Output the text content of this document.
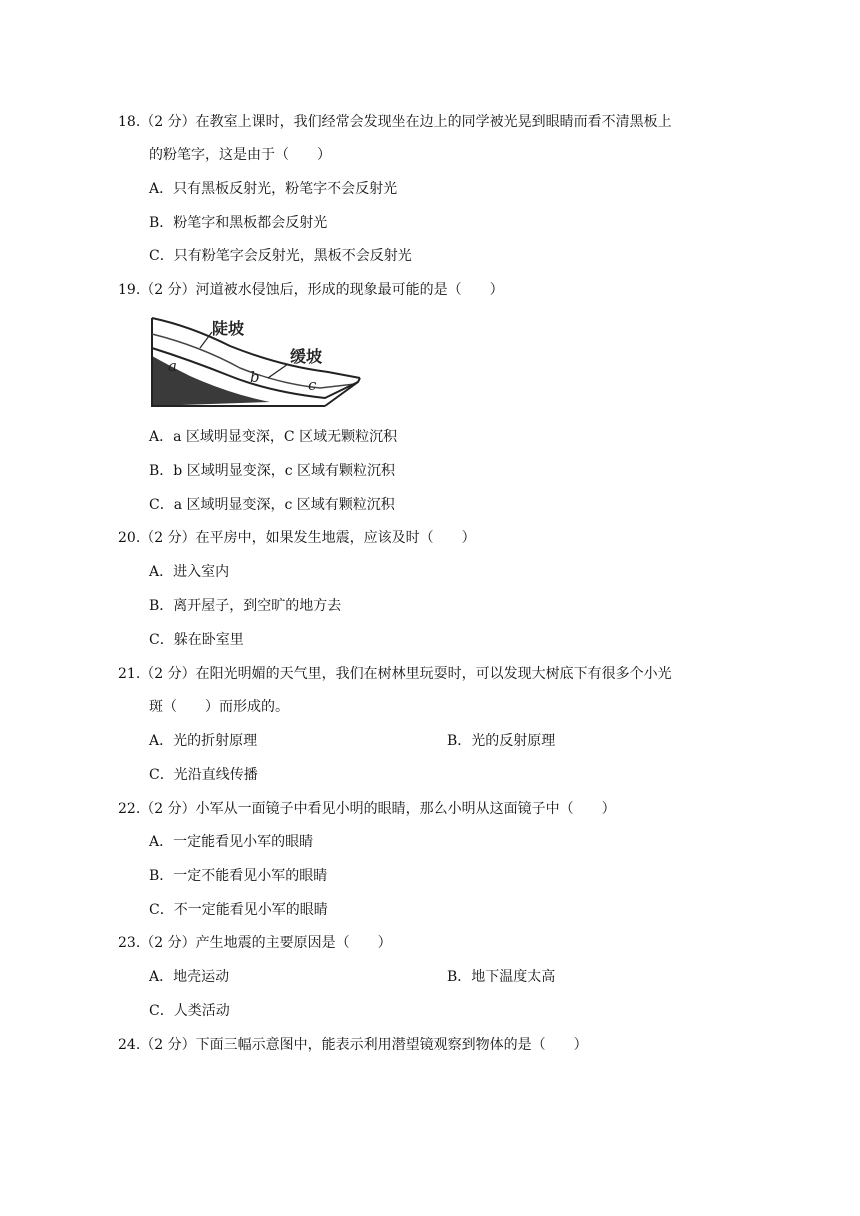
18.（2 分）在教室上课时，我们经常会发现坐在边上的同学被光晃到眼睛而看不清黑板上
的粉笔字，这是由于（　　）
A．只有黑板反射光，粉笔字不会反射光
B．粉笔字和黑板都会反射光
C．只有粉笔字会反射光，黑板不会反射光
19.（2 分）河道被水侵蚀后，形成的现象最可能的是（　　）
陡坡
缓坡
a
b	c
A．a 区域明显变深，C 区域无颗粒沉积
B．b 区域明显变深，c 区域有颗粒沉积
C．a 区域明显变深，c 区域有颗粒沉积
20.（2 分）在平房中，如果发生地震，应该及时（　　）
A．进入室内
B．离开屋子，到空旷的地方去
C．躲在卧室里
21.（2 分）在阳光明媚的天气里，我们在树林里玩耍时，可以发现大树底下有很多个小光
斑（　　）而形成的。
A．光的折射原理	B．光的反射原理
C．光沿直线传播
22.（2 分）小军从一面镜子中看见小明的眼睛，那么小明从这面镜子中（　　）
A．一定能看见小军的眼睛
B．一定不能看见小军的眼睛
C．不一定能看见小军的眼睛
23.（2 分）产生地震的主要原因是（　　）
A．地壳运动	B．地下温度太高
C．人类活动
24.（2 分）下面三幅示意图中，能表示利用潜望镜观察到物体的是（　　）
